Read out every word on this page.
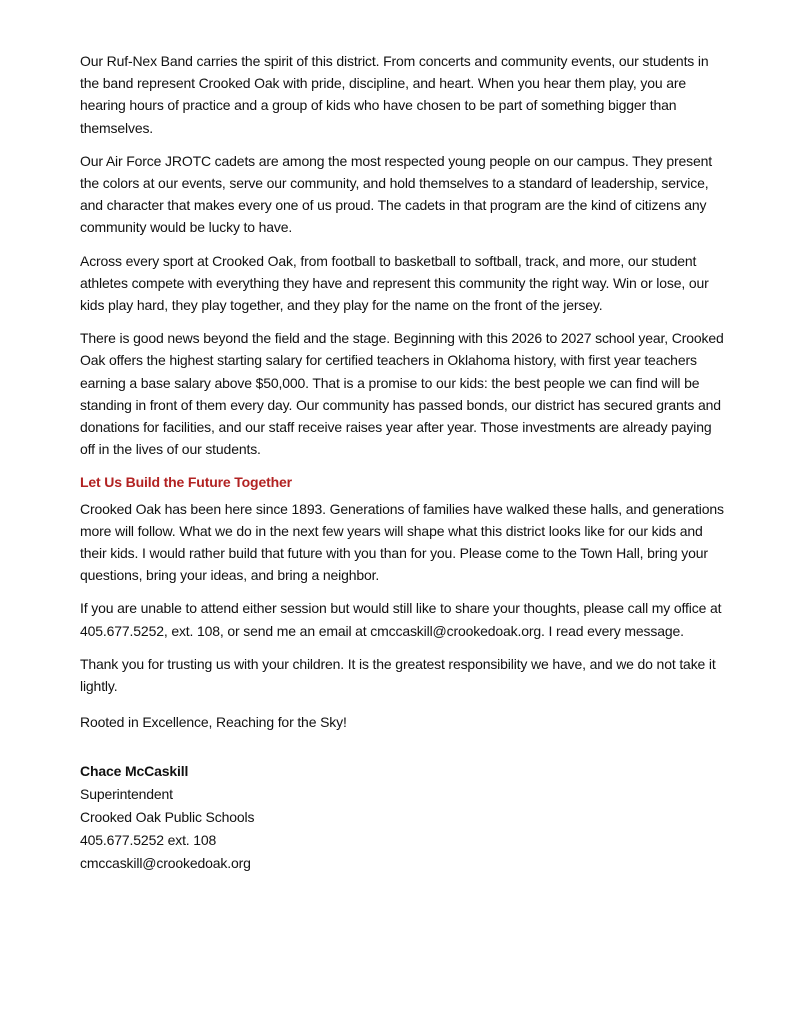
Our Ruf-Nex Band carries the spirit of this district. From concerts and community events, our students in the band represent Crooked Oak with pride, discipline, and heart. When you hear them play, you are hearing hours of practice and a group of kids who have chosen to be part of something bigger than themselves.

Our Air Force JROTC cadets are among the most respected young people on our campus. They present the colors at our events, serve our community, and hold themselves to a standard of leadership, service, and character that makes every one of us proud. The cadets in that program are the kind of citizens any community would be lucky to have.

Across every sport at Crooked Oak, from football to basketball to softball, track, and more, our student athletes compete with everything they have and represent this community the right way. Win or lose, our kids play hard, they play together, and they play for the name on the front of the jersey.

There is good news beyond the field and the stage. Beginning with this 2026 to 2027 school year, Crooked Oak offers the highest starting salary for certified teachers in Oklahoma history, with first year teachers earning a base salary above $50,000. That is a promise to our kids: the best people we can find will be standing in front of them every day. Our community has passed bonds, our district has secured grants and donations for facilities, and our staff receive raises year after year. Those investments are already paying off in the lives of our students.

Let Us Build the Future Together

Crooked Oak has been here since 1893. Generations of families have walked these halls, and generations more will follow. What we do in the next few years will shape what this district looks like for our kids and their kids. I would rather build that future with you than for you. Please come to the Town Hall, bring your questions, bring your ideas, and bring a neighbor.

If you are unable to attend either session but would still like to share your thoughts, please call my office at 405.677.5252, ext. 108, or send me an email at cmccaskill@crookedoak.org. I read every message.

Thank you for trusting us with your children. It is the greatest responsibility we have, and we do not take it lightly.

Rooted in Excellence, Reaching for the Sky!

Chace McCaskill

Superintendent

Crooked Oak Public Schools

405.677.5252 ext. 108

cmccaskill@crookedoak.org
